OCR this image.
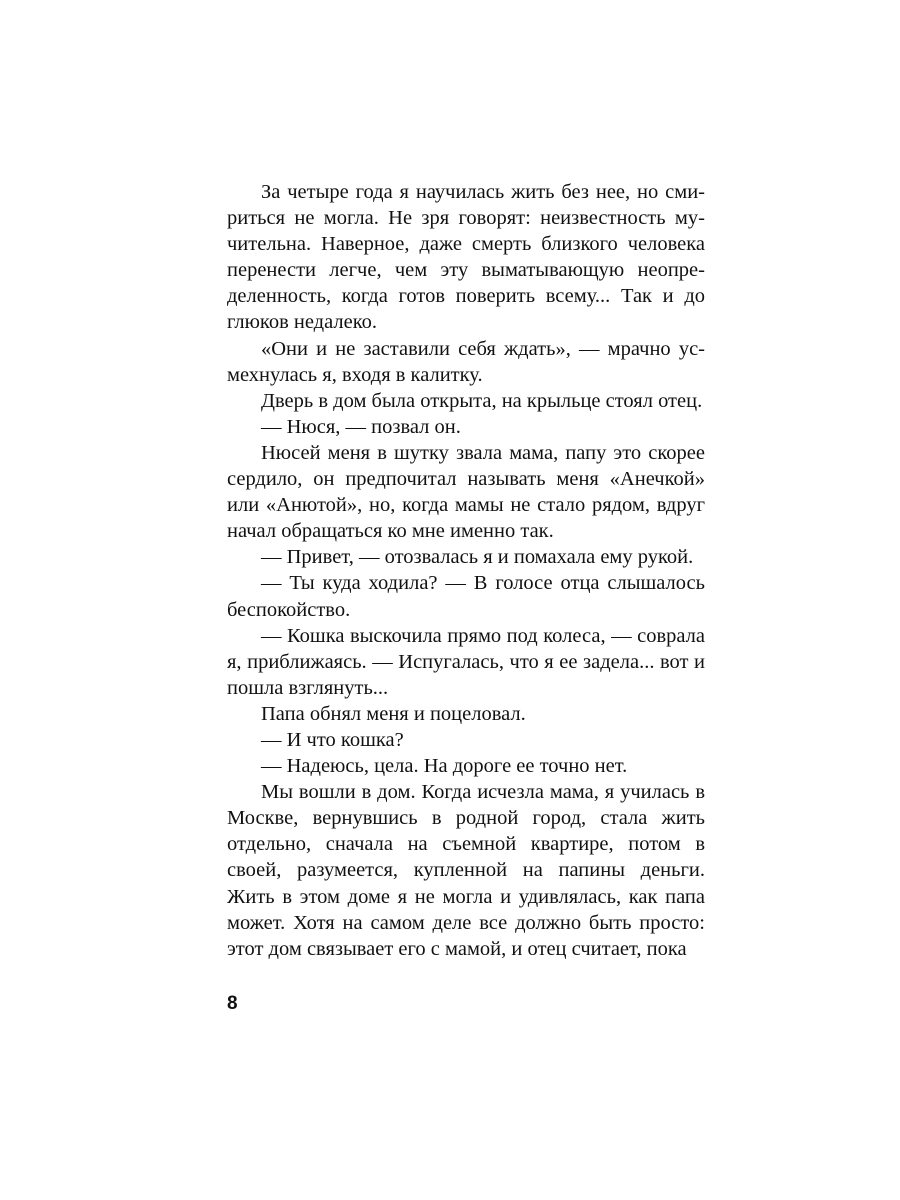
За четыре года я научилась жить без нее, но смириться не могла. Не зря говорят: неизвестность мучительна. Наверное, даже смерть близкого человека перенести легче, чем эту выматывающую неопределенность, когда готов поверить всему... Так и до глюков недалеко.

«Они и не заставили себя ждать», — мрачно усмехнулась я, входя в калитку.

Дверь в дом была открыта, на крыльце стоял отец.

— Нюся, — позвал он.

Нюсей меня в шутку звала мама, папу это скорее сердило, он предпочитал называть меня «Анечкой» или «Анютой», но, когда мамы не стало рядом, вдруг начал обращаться ко мне именно так.

— Привет, — отозвалась я и помахала ему рукой.

— Ты куда ходила? — В голосе отца слышалось беспокойство.

— Кошка выскочила прямо под колеса, — соврала я, приближаясь. — Испугалась, что я ее задела... вот и пошла взглянуть...

Папа обнял меня и поцеловал.

— И что кошка?

— Надеюсь, цела. На дороге ее точно нет.

Мы вошли в дом. Когда исчезла мама, я училась в Москве, вернувшись в родной город, стала жить отдельно, сначала на съемной квартире, потом в своей, разумеется, купленной на папины деньги. Жить в этом доме я не могла и удивлялась, как папа может. Хотя на самом деле все должно быть просто: этот дом связывает его с мамой, и отец считает, пока

8
